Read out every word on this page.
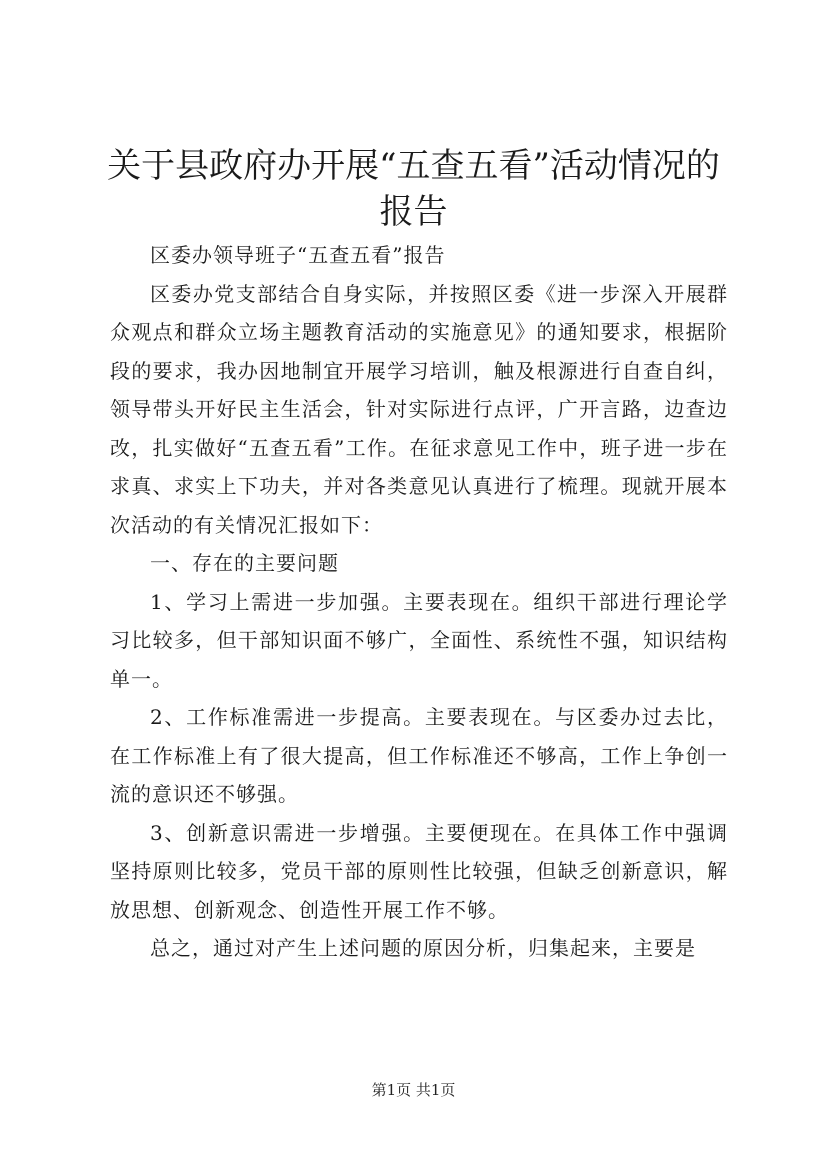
关于县政府办开展“五查五看”活动情况的报告

区委办领导班子“五查五看”报告

区委办党支部结合自身实际，并按照区委《进一步深入开展群众观点和群众立场主题教育活动的实施意见》的通知要求，根据阶段的要求，我办因地制宜开展学习培训，触及根源进行自查自纠，领导带头开好民主生活会，针对实际进行点评，广开言路，边查边改，扎实做好“五查五看”工作。在征求意见工作中，班子进一步在求真、求实上下功夫，并对各类意见认真进行了梳理。现就开展本次活动的有关情况汇报如下：

一、存在的主要问题

1、学习上需进一步加强。主要表现在。组织干部进行理论学习比较多，但干部知识面不够广，全面性、系统性不强，知识结构单一。

2、工作标准需进一步提高。主要表现在。与区委办过去比，在工作标准上有了很大提高，但工作标准还不够高，工作上争创一流的意识还不够强。

3、创新意识需进一步增强。主要便现在。在具体工作中强调坚持原则比较多，党员干部的原则性比较强，但缺乏创新意识，解放思想、创新观念、创造性开展工作不够。

总之，通过对产生上述问题的原因分析，归集起来，主要是

第1页 共1页
